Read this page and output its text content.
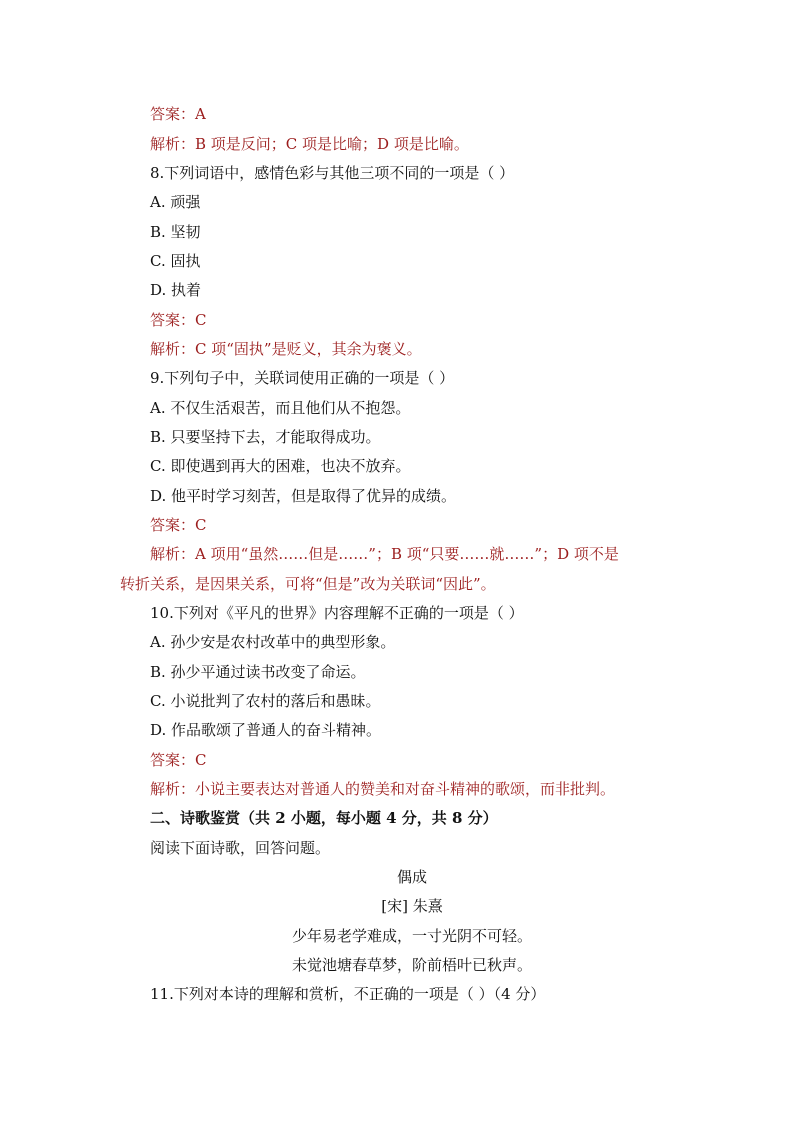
答案：A
解析：B 项是反问；C 项是比喻；D 项是比喻。
8.下列词语中，感情色彩与其他三项不同的一项是（ ）
A. 顽强
B. 坚韧
C. 固执
D. 执着
答案：C
解析：C 项“固执”是贬义，其余为褒义。
9.下列句子中，关联词使用正确的一项是（ ）
A. 不仅生活艰苦，而且他们从不抱怨。
B. 只要坚持下去，才能取得成功。
C. 即使遇到再大的困难，也决不放弃。
D. 他平时学习刻苦，但是取得了优异的成绩。
答案：C
解析：A 项用“虽然……但是……”；B 项“只要……就……”；D 项不是
转折关系，是因果关系，可将“但是”改为关联词“因此”。
10.下列对《平凡的世界》内容理解不正确的一项是（ ）
A. 孙少安是农村改革中的典型形象。
B. 孙少平通过读书改变了命运。
C. 小说批判了农村的落后和愚昧。
D. 作品歌颂了普通人的奋斗精神。
答案：C
解析：小说主要表达对普通人的赞美和对奋斗精神的歌颂，而非批判。
二、诗歌鉴赏（共 2 小题，每小题 4 分，共 8 分）
阅读下面诗歌，回答问题。
偶成
[宋] 朱熹
少年易老学难成，一寸光阴不可轻。
未觉池塘春草梦，阶前梧叶已秋声。
11.下列对本诗的理解和赏析，不正确的一项是（ ）（4 分）
